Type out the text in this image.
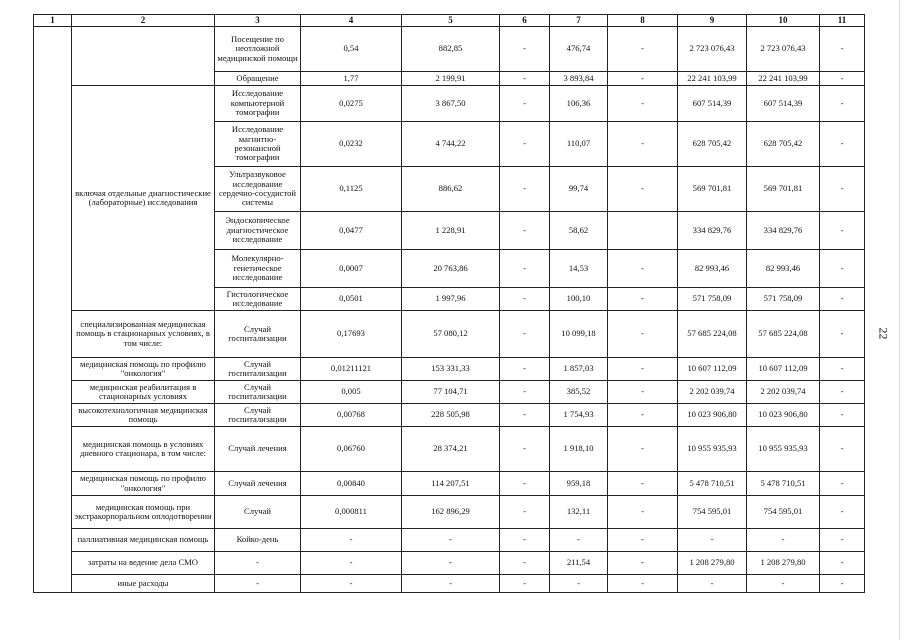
1	2	3	4	5	6	7	8	9	10	11
		Посещение по неотложной медицинской помощи	0,54	882,85	-	476,74	-	2 723 076,43	2 723 076,43	-
		Обращение	1,77	2 199,91	-	3 893,84	-	22 241 103,99	22 241 103,99	-
	включая отдельные диагностические (лабораторные) исследования	Исследование компьютерной томографии	0,0275	3 867,50	-	106,36	-	607 514,39	607 514,39	-
		Исследование магнитно-резонансной томографии	0,0232	4 744,22	-	110,07	-	628 705,42	628 705,42	-
		Ультразвуковое исследование сердечно-сосудистой системы	0,1125	886,62	-	99,74	-	569 701,81	569 701,81	-
		Эндоскопическое диагностическое исследование	0,0477	1 228,91	-	58,62		334 829,76	334 829,76	-
		Молекулярно-генетическое исследование	0,0007	20 763,86	-	14,53	-	82 993,46	82 993,46	-
		Гистологическое исследование	0,0501	1 997,96	-	100,10	-	571 758,09	571 758,09	-
	специализированная медицинская помощь в стационарных условиях, в том числе:	Случай госпитализации	0,17693	57 080,12	-	10 099,18	-	57 685 224,08	57 685 224,08	-
	медицинская помощь по профилю "онкология"	Случай госпитализации	0,01211121	153 331,33	-	1 857,03	-	10 607 112,09	10 607 112,09	-
	медицинская реабилитация в стационарных условиях	Случай госпитализации	0,005	77 104,71	-	385,52	-	2 202 039,74	2 202 039,74	-
	высокотехнологичная медицинская помощь	Случай госпитализации	0,00768	228 505,98	-	1 754,93	-	10 023 906,80	10 023 906,80	-
	медицинская помощь в условиях дневного стационара, в том числе:	Случай лечения	0,06760	28 374,21	-	1 918,10	-	10 955 935,93	10 955 935,93	-
	медицинская помощь по профилю "онкология"	Случай лечения	0,00840	114 207,51	-	959,18	-	5 478 710,51	5 478 710,51	-
	медицинская помощь при экстракорпоральном оплодотворении	Случай	0,000811	162 896,29	-	132,11	-	754 595,01	754 595,01	-
	паллиативная медицинская помощь	Койко-день	-	-	-	-	-	-	-	-
	затраты на ведение дела СМО	-	-	-	-	211,54	-	1 208 279,80	1 208 279,80	-
	иные расходы	-	-	-	-	-	-	-	-	-
22
